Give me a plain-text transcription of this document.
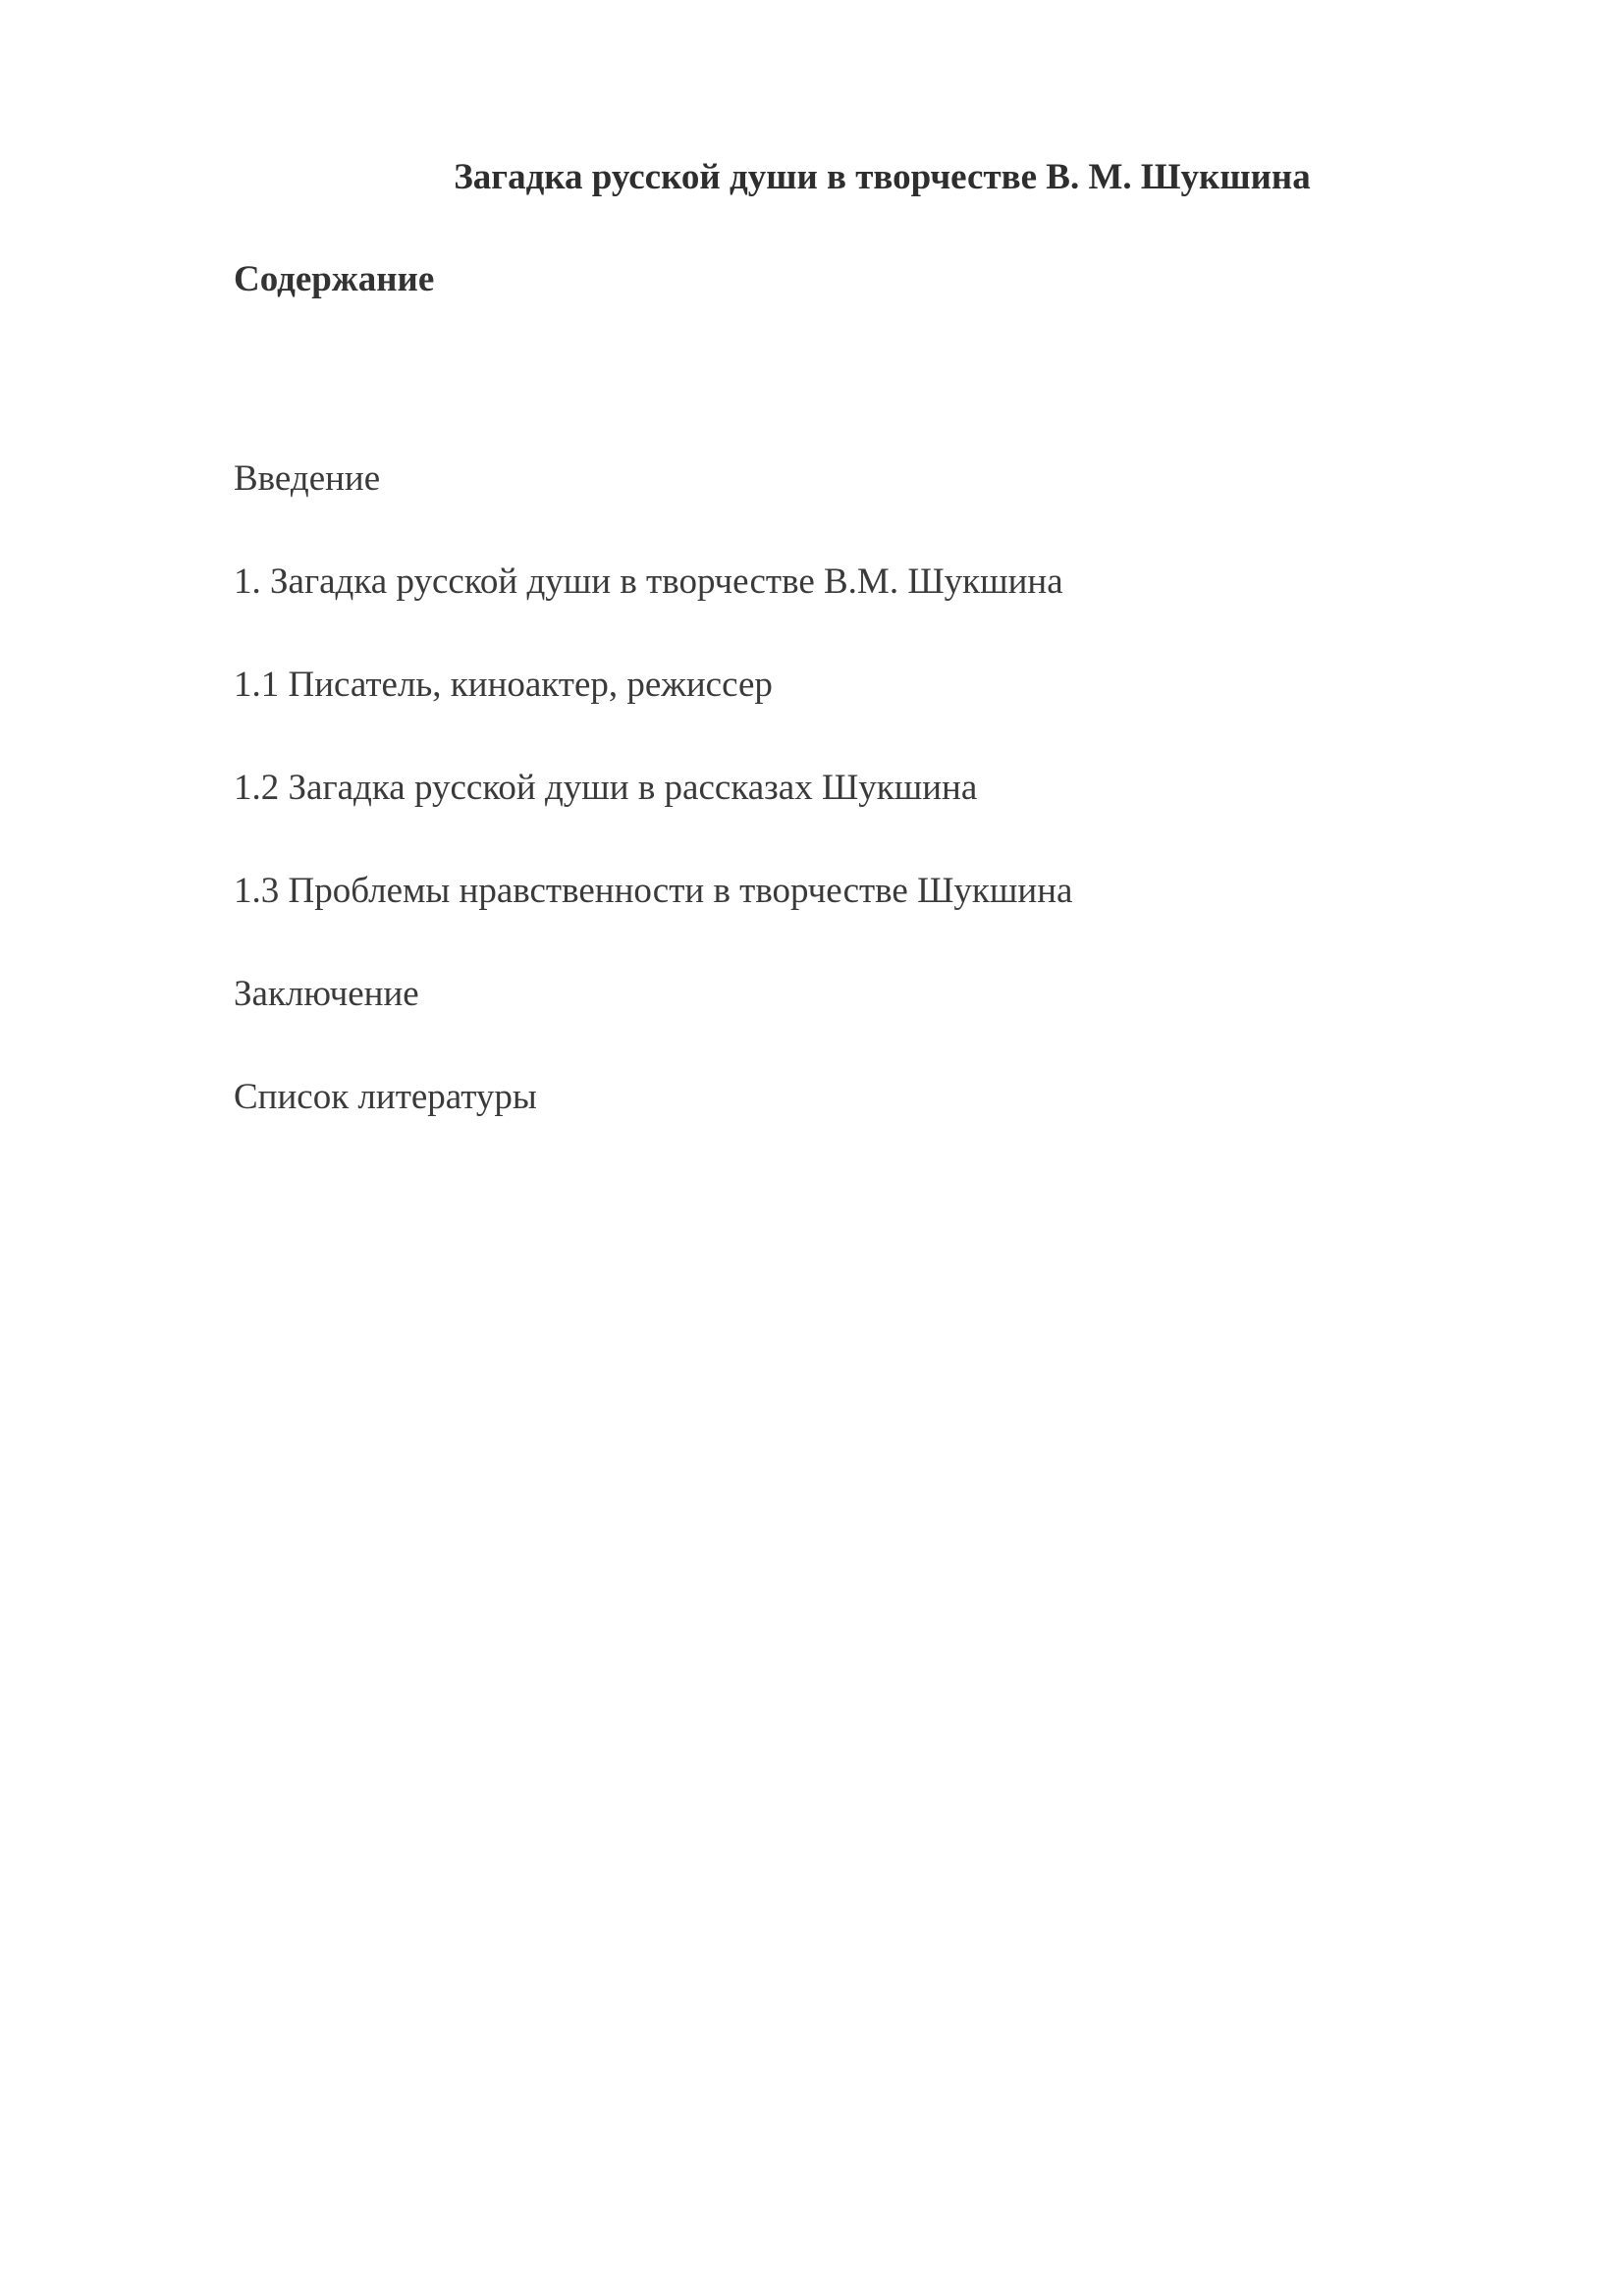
Загадка русской души в творчестве В. М. Шукшина
Содержание
Введение
1. Загадка русской души в творчестве В.М. Шукшина
1.1 Писатель, киноактер, режиссер
1.2 Загадка русской души в рассказах Шукшина
1.3 Проблемы нравственности в творчестве Шукшина
Заключение
Список литературы
